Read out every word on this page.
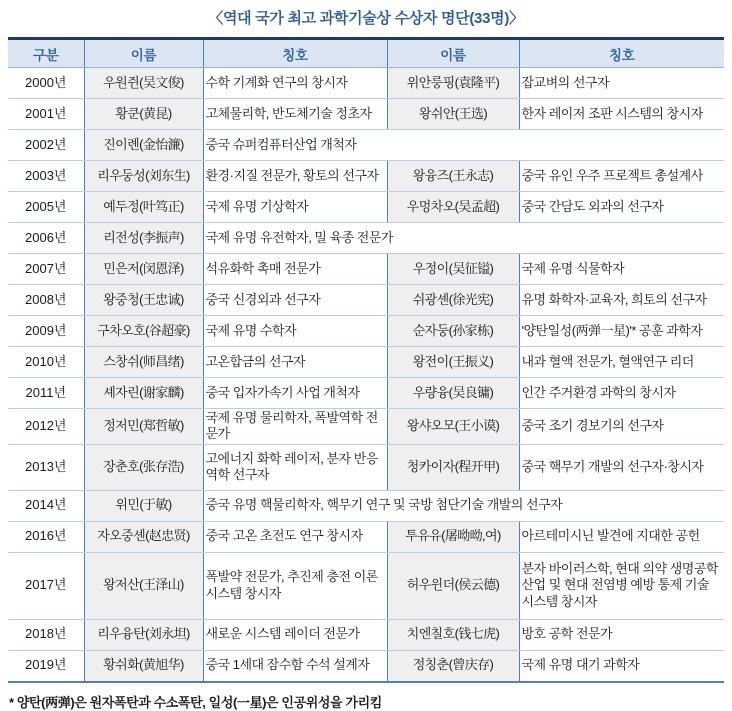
〈역대 국가 최고 과학기술상 수상자 명단(33명)〉
구분	이름	칭호	이름	칭호
2000년	우원쥔(吴文俊)	수학 기계화 연구의 창시자	위안룽핑(袁隆平)	잡교벼의 선구자
2001년	황쿤(黄昆)	고체물리학, 반도체기술 정초자	왕쉬안(王选)	한자 레이저 조판 시스템의 창시자
2002년	진이롄(金怡濂)	중국 슈퍼컴퓨터산업 개척자		
2003년	리우둥성(刘东生)	환경·지질 전문가, 황토의 선구자	왕융즈(王永志)	중국 유인 우주 프로젝트 총설계사
2005년	예두정(叶笃正)	국제 유명 기상학자	우멍차오(吴孟超)	중국 간담도 외과의 선구자
2006년	리전성(李振声)	국제 유명 유전학자, 밀 육종 전문가		
2007년	민은저(闵恩泽)	석유화학 촉매 전문가	우정이(吴征镒)	국제 유명 식물학자
2008년	왕중청(王忠诚)	중국 신경외과 선구자	쉬광셴(徐光宪)	유명 화학자·교육자, 희토의 선구자
2009년	구차오호(谷超豪)	국제 유명 수학자	순자둥(孙家栋)	'양탄일성(两弹一星)'* 공훈 과학자
2010년	스창쉬(师昌绪)	고온합금의 선구자	왕전이(王振义)	내과 혈액 전문가, 혈액연구 리더
2011년	셰자린(谢家麟)	중국 입자가속기 사업 개척자	우량융(吴良镛)	인간 주거환경 과학의 창시자
2012년	정저민(郑哲敏)	국제 유명 물리학자, 폭발역학 전문가	왕샤오모(王小谟)	중국 조기 경보기의 선구자
2013년	장춘호(张存浩)	고에너지 화학 레이저, 분자 반응역학 선구자	청카이자(程开甲)	중국 핵무기 개발의 선구자·창시자
2014년	위민(于敏)	중국 유명 핵물리학자, 핵무기 연구 및 국방 첨단기술 개발의 선구자		
2016년	자오중셴(赵忠贤)	중국 고온 초전도 연구 창시자	투유유(屠呦呦,여)	아르테미시닌 발견에 지대한 공헌
2017년	왕저산(王泽山)	폭발약 전문가, 추진제 충전 이론 시스템 창시자	허우윈더(侯云德)	분자 바이러스학, 현대 의약 생명공학 산업 및 현대 전염병 예방 통제 기술 시스템 창시자
2018년	리우융탄(刘永坦)	새로운 시스템 레이더 전문가	치엔칠호(钱七虎)	방호 공학 전문가
2019년	황쉬화(黄旭华)	중국 1세대 잠수함 수석 설계자	정칭춘(曾庆存)	국제 유명 대기 과학자
* 양탄(两弹)은 원자폭탄과 수소폭탄, 일성(一星)은 인공위성을 가리킴
